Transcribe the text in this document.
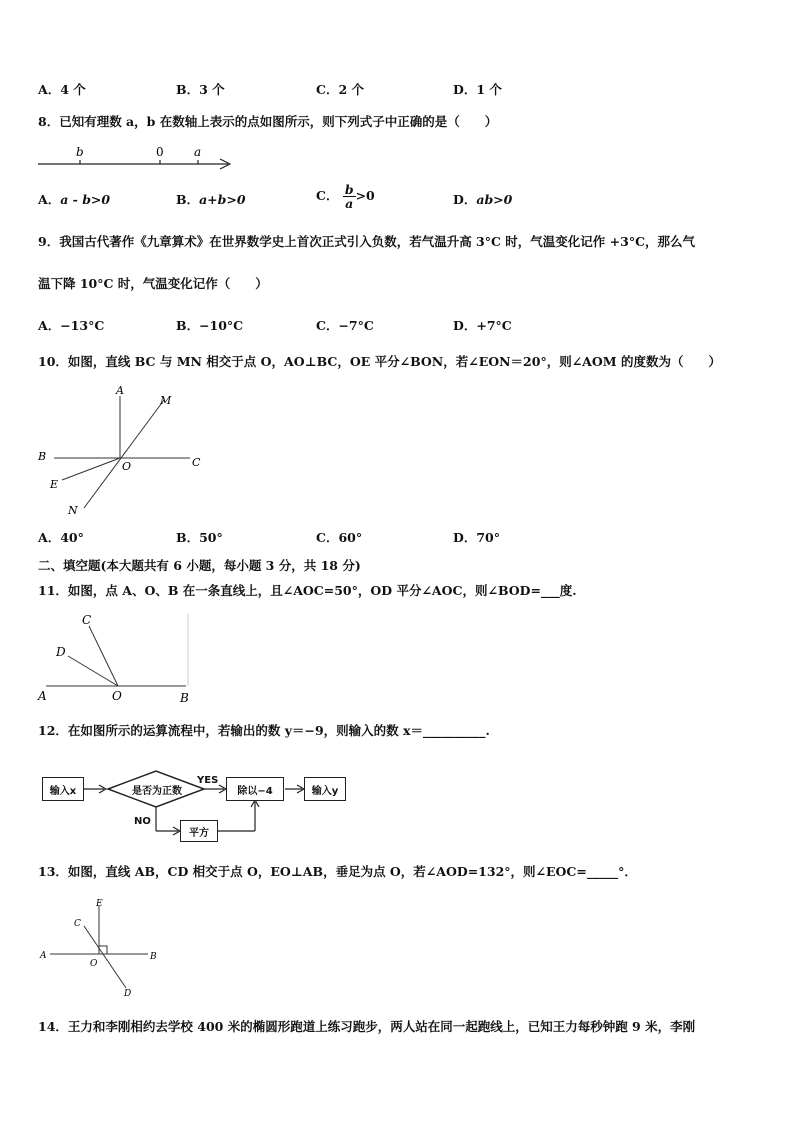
A．4 个	B．3 个	C．2 个	D．1 个
8．已知有理数 a，b 在数轴上表示的点如图所示，则下列式子中正确的是（　　）
b	0	a
A．a - b>0	B．a+b>0	C． $\frac{b}{a} >0$	D．ab>0
9．我国古代著作《九章算术》在世界数学史上首次正式引入负数，若气温升高 3°C 时，气温变化记作 +3°C，那么气
温下降 10°C 时，气温变化记作（　　）
A．−13°C	B．−10°C	C．−7°C	D．+7°C
10．如图，直线 BC 与 MN 相交于点 O，AO⊥BC，OE 平分∠BON，若∠EON＝20°，则∠AOM 的度数为（　　）
A
M
B
O	C
E
N
A．40°	B．50°	C．60°	D．70°
二、填空题(本大题共有 6 小题，每小题 3 分，共 18 分)
11．如图，点 A、O、B 在一条直线上，且∠AOC=50°，OD 平分∠AOC，则∠BOD=___度.
C
D
A	O	B
12．在如图所示的运算流程中，若输出的数 y＝−9，则输入的数 x＝__________.
输入x	是否为正数	除以−4	输入y
平方
YES
NO
13．如图，直线 AB，CD 相交于点 O，EO⊥AB，垂足为点 O，若∠AOD=132°，则∠EOC=_____°．
E
C
A
O
B
D
14．王力和李刚相约去学校 400 米的椭圆形跑道上练习跑步，两人站在同一起跑线上，已知王力每秒钟跑 9 米，李刚
